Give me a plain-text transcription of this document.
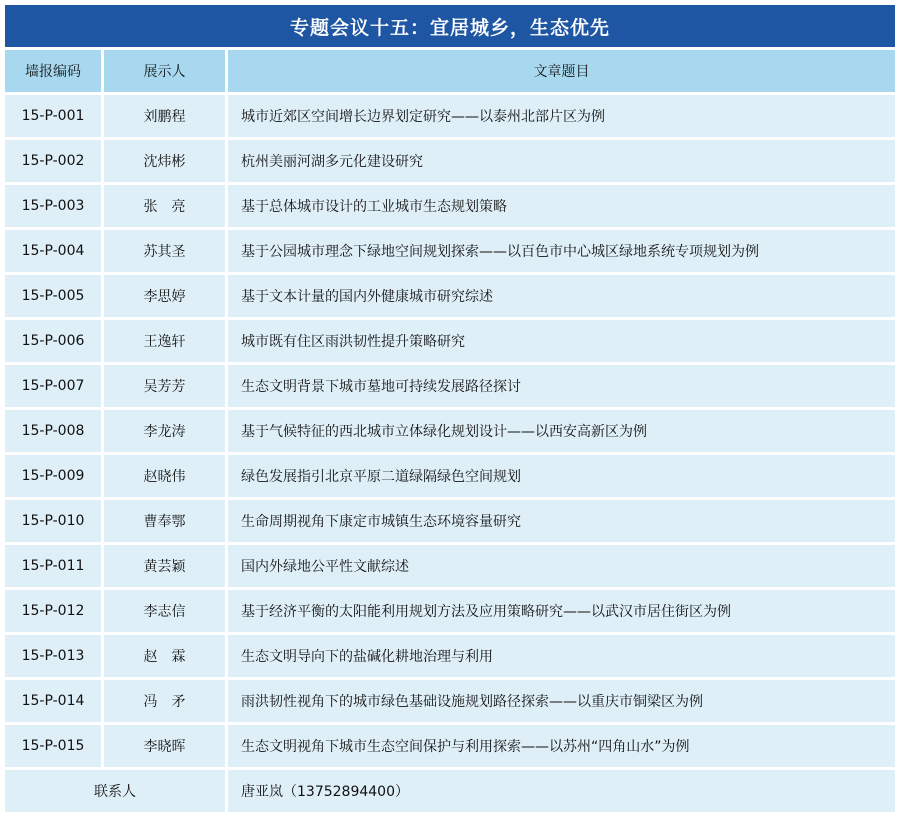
专题会议十五：宜居城乡，生态优先
墙报编码	展示人	文章题目
15-P-001	刘鹏程	城市近郊区空间增长边界划定研究——以泰州北部片区为例
15-P-002	沈炜彬	杭州美丽河湖多元化建设研究
15-P-003	张　亮	基于总体城市设计的工业城市生态规划策略
15-P-004	苏其圣	基于公园城市理念下绿地空间规划探索——以百色市中心城区绿地系统专项规划为例
15-P-005	李思婷	基于文本计量的国内外健康城市研究综述
15-P-006	王逸轩	城市既有住区雨洪韧性提升策略研究
15-P-007	吴芳芳	生态文明背景下城市墓地可持续发展路径探讨
15-P-008	李龙涛	基于气候特征的西北城市立体绿化规划设计——以西安高新区为例
15-P-009	赵晓伟	绿色发展指引北京平原二道绿隔绿色空间规划
15-P-010	曹奉鄂	生命周期视角下康定市城镇生态环境容量研究
15-P-011	黄芸颖	国内外绿地公平性文献综述
15-P-012	李志信	基于经济平衡的太阳能利用规划方法及应用策略研究——以武汉市居住街区为例
15-P-013	赵　霖	生态文明导向下的盐碱化耕地治理与利用
15-P-014	冯　矛	雨洪韧性视角下的城市绿色基础设施规划路径探索——以重庆市铜梁区为例
15-P-015	李晓晖	生态文明视角下城市生态空间保护与利用探索——以苏州“四角山水”为例
联系人	唐亚岚（13752894400）
